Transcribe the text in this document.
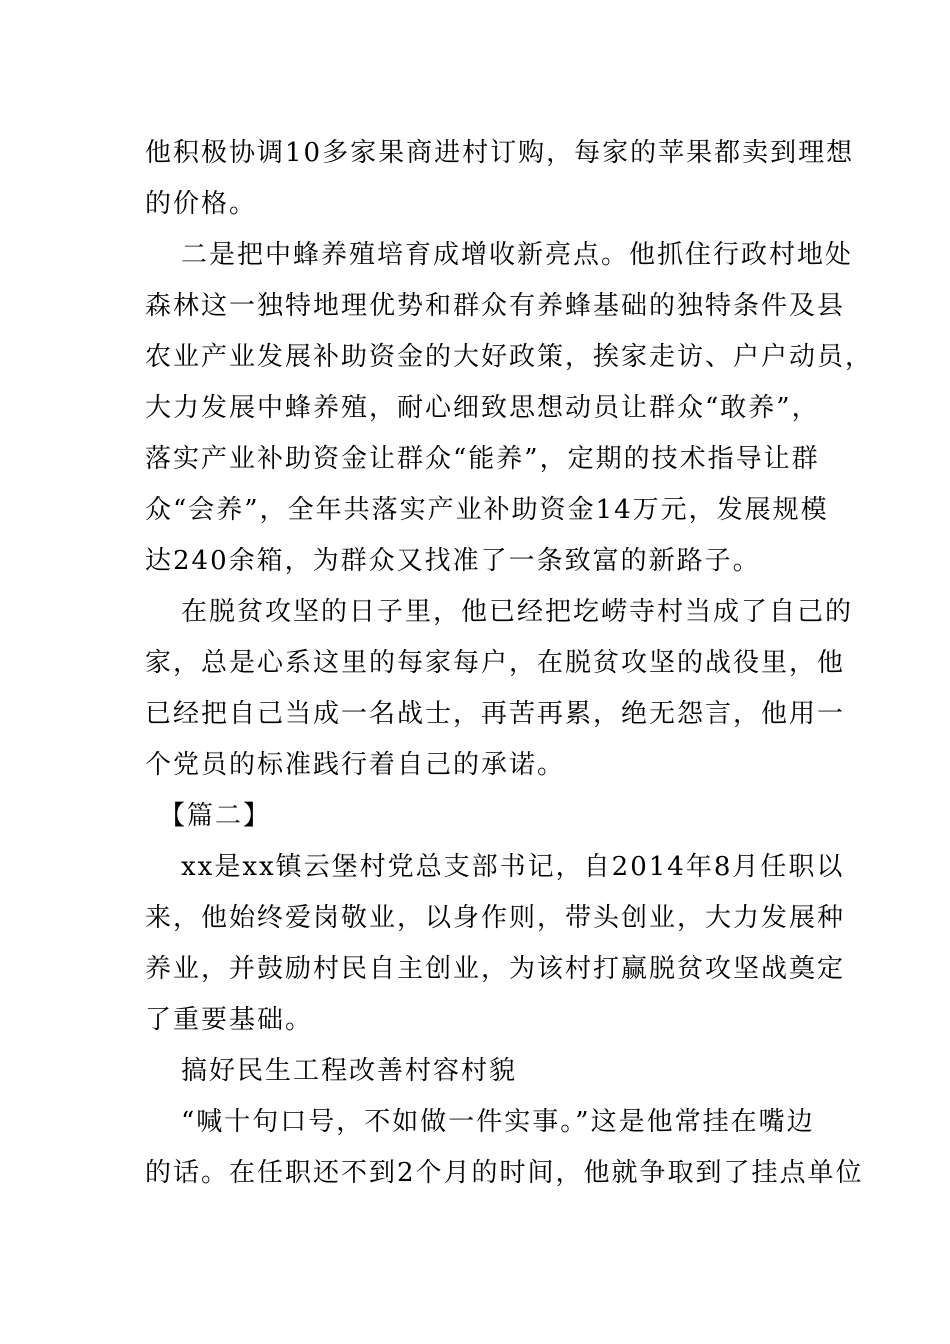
他积极协调10多家果商进村订购，每家的苹果都卖到理想
的价格。
二是把中蜂养殖培育成增收新亮点。他抓住行政村地处
森林这一独特地理优势和群众有养蜂基础的独特条件及县
农业产业发展补助资金的大好政策，挨家走访、户户动员，
大力发展中蜂养殖，耐心细致思想动员让群众“敢养”，
落实产业补助资金让群众“能养”，定期的技术指导让群
众“会养”，全年共落实产业补助资金14万元，发展规模
达240余箱，为群众又找准了一条致富的新路子。
在脱贫攻坚的日子里，他已经把圪崂寺村当成了自己的
家，总是心系这里的每家每户，在脱贫攻坚的战役里，他
已经把自己当成一名战士，再苦再累，绝无怨言，他用一
个党员的标准践行着自己的承诺。
【篇二】
xx是xx镇云堡村党总支部书记，自2014年8月任职以
来，他始终爱岗敬业，以身作则，带头创业，大力发展种
养业，并鼓励村民自主创业，为该村打赢脱贫攻坚战奠定
了重要基础。
搞好民生工程改善村容村貌
“喊十句口号，不如做一件实事。”这是他常挂在嘴边
的话。在任职还不到2个月的时间，他就争取到了挂点单位
